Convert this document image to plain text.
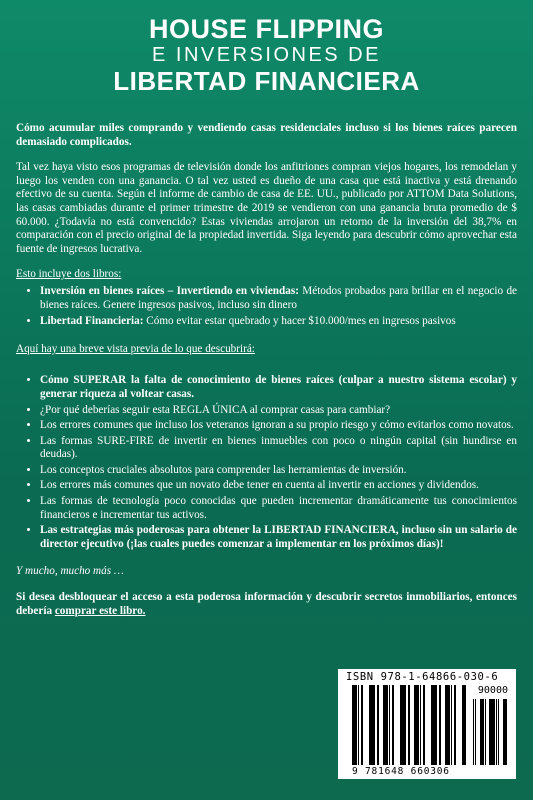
HOUSE FLIPPING
E INVERSIONES DE
LIBERTAD FINANCIERA

Cómo acumular miles comprando y vendiendo casas residenciales incluso si los bienes raíces parecen demasiado complicados.

Tal vez haya visto esos programas de televisión donde los anfitriones compran viejos hogares, los remodelan y luego los venden con una ganancia. O tal vez usted es dueño de una casa que está inactiva y está drenando efectivo de su cuenta. Según el informe de cambio de casa de EE. UU., publicado por ATTOM Data Solutions, las casas cambiadas durante el primer trimestre de 2019 se vendieron con una ganancia bruta promedio de $ 60.000. ¿Todavía no está convencido? Estas viviendas arrojaron un retorno de la inversión del 38,7% en comparación con el precio original de la propiedad invertida. Siga leyendo para descubrir cómo aprovechar esta fuente de ingresos lucrativa.

Esto incluye dos libros:
• Inversión en bienes raíces – Invertiendo en viviendas: Métodos probados para brillar en el negocio de bienes raíces. Genere ingresos pasivos, incluso sin dinero
• Libertad Financieria: Cómo evitar estar quebrado y hacer $10.000/mes en ingresos pasivos
Aquí hay una breve vista previa de lo que descubrirá:
• Cómo SUPERAR la falta de conocimiento de bienes raíces (culpar a nuestro sistema escolar) y generar riqueza al voltear casas.
• ¿Por qué deberías seguir esta REGLA ÚNICA al comprar casas para cambiar?
• Los errores comunes que incluso los veteranos ignoran a su propio riesgo y cómo evitarlos como novatos.
• Las formas SURE-FIRE de invertir en bienes inmuebles con poco o ningún capital (sin hundirse en deudas).
• Los conceptos cruciales absolutos para comprender las herramientas de inversión.
• Los errores más comunes que un novato debe tener en cuenta al invertir en acciones y dividendos.
• Las formas de tecnología poco conocidas que pueden incrementar dramáticamente tus conocimientos financieros e incrementar tus activos.
• Las estrategias más poderosas para obtener la LIBERTAD FINANCIERA, incluso sin un salario de director ejecutivo (¡las cuales puedes comenzar a implementar en los próximos días)!

Y mucho, mucho más …

Si desea desbloquear el acceso a esta poderosa información y descubrir secretos inmobiliarios, entonces debería comprar este libro.

ISBN 978-1-64866-030-6
90000
9 781648 660306
